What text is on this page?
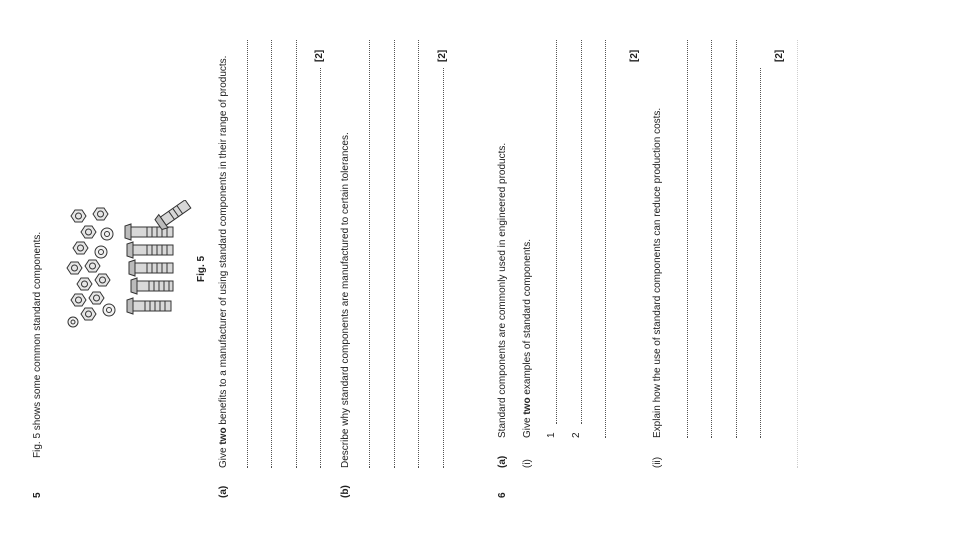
5
Fig. 5 shows some common standard components.	Fig. 5
(a)
Give two benefits to a manufacturer of using standard components in their range of products.	[2]
(b)
Describe why standard components are manufactured to certain tolerances.
[2]
6
(a)
Standard components are commonly used in engineered products.
(i)
Give two examples of standard components.
1 2
[2]
(ii)
Explain how the use of standard components can reduce production costs.
[2]
